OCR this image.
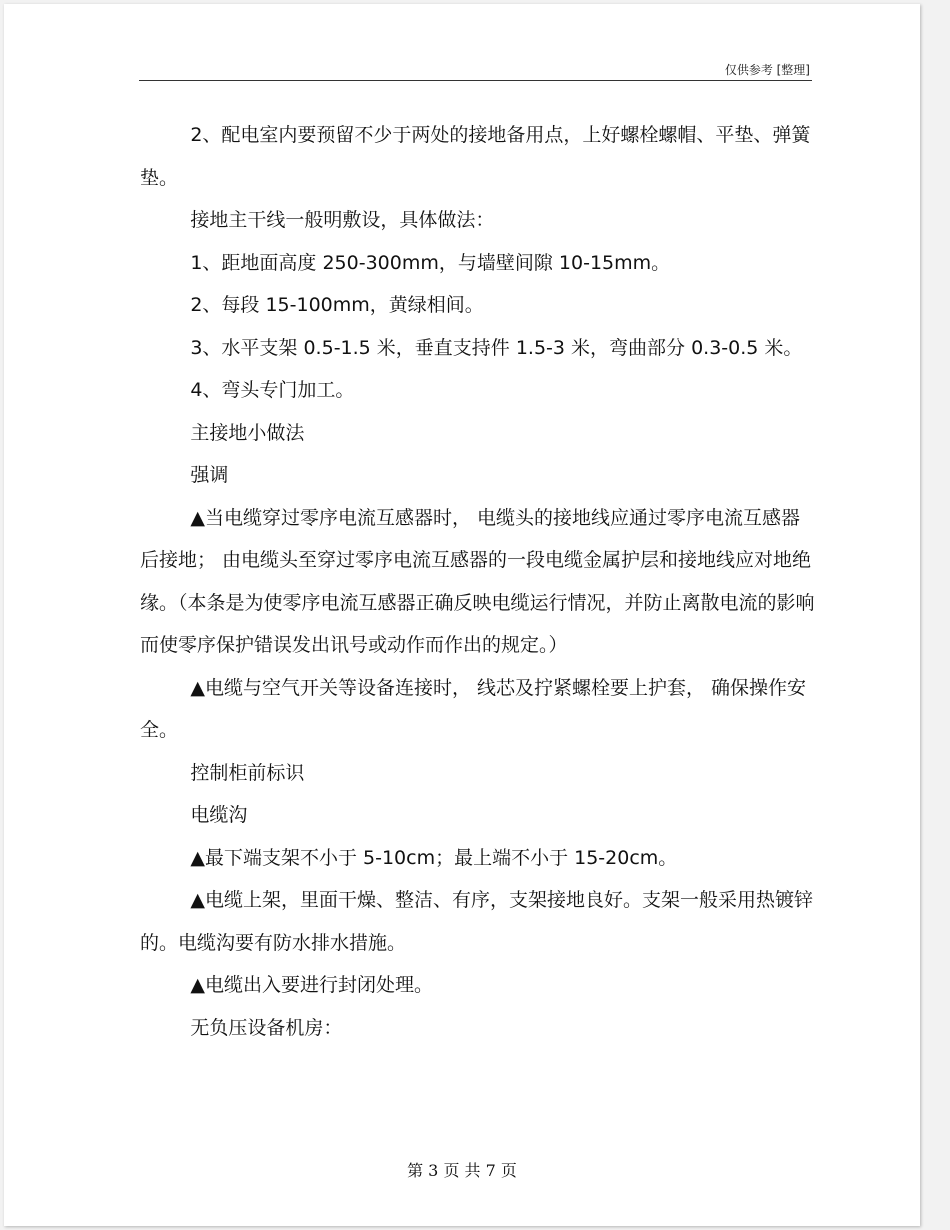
仅供参考 [整理]

2、配电室内要预留不少于两处的接地备用点，上好螺栓螺帽、平垫、弹簧垫。

接地主干线一般明敷设，具体做法：

1、距地面高度 250-300mm，与墙壁间隙 10-15mm。

2、每段 15-100mm，黄绿相间。

3、水平支架 0.5-1.5 米，垂直支持件 1.5-3 米，弯曲部分 0.3-0.5 米。

4、弯头专门加工。

主接地小做法

强调

▲当电缆穿过零序电流互感器时， 电缆头的接地线应通过零序电流互感器后接地； 由电缆头至穿过零序电流互感器的一段电缆金属护层和接地线应对地绝缘。（本条是为使零序电流互感器正确反映电缆运行情况，并防止离散电流的影响而使零序保护错误发出讯号或动作而作出的规定。）

▲电缆与空气开关等设备连接时， 线芯及拧紧螺栓要上护套， 确保操作安全。

控制柜前标识

电缆沟

▲最下端支架不小于 5-10cm；最上端不小于 15-20cm。

▲电缆上架，里面干燥、整洁、有序，支架接地良好。支架一般采用热镀锌的。电缆沟要有防水排水措施。

▲电缆出入要进行封闭处理。

无负压设备机房：

第 3 页 共 7 页
